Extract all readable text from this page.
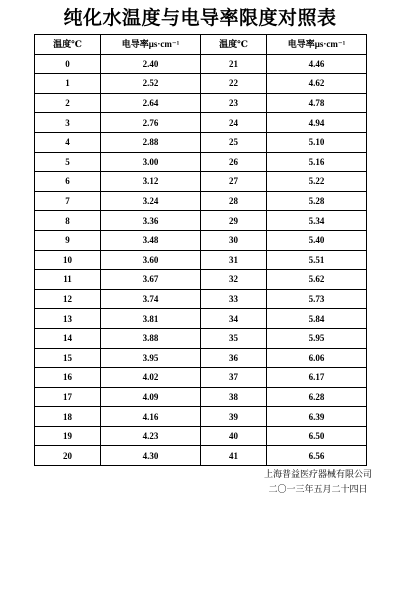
纯化水温度与电导率限度对照表
温度℃	电导率μs·cm⁻¹	温度℃	电导率μs·cm⁻¹
0	2.40	21	4.46
1	2.52	22	4.62
2	2.64	23	4.78
3	2.76	24	4.94
4	2.88	25	5.10
5	3.00	26	5.16
6	3.12	27	5.22
7	3.24	28	5.28
8	3.36	29	5.34
9	3.48	30	5.40
10	3.60	31	5.51
11	3.67	32	5.62
12	3.74	33	5.73
13	3.81	34	5.84
14	3.88	35	5.95
15	3.95	36	6.06
16	4.02	37	6.17
17	4.09	38	6.28
18	4.16	39	6.39
19	4.23	40	6.50
20	4.30	41	6.56
上海普益医疗器械有限公司
二〇一三年五月二十四日
